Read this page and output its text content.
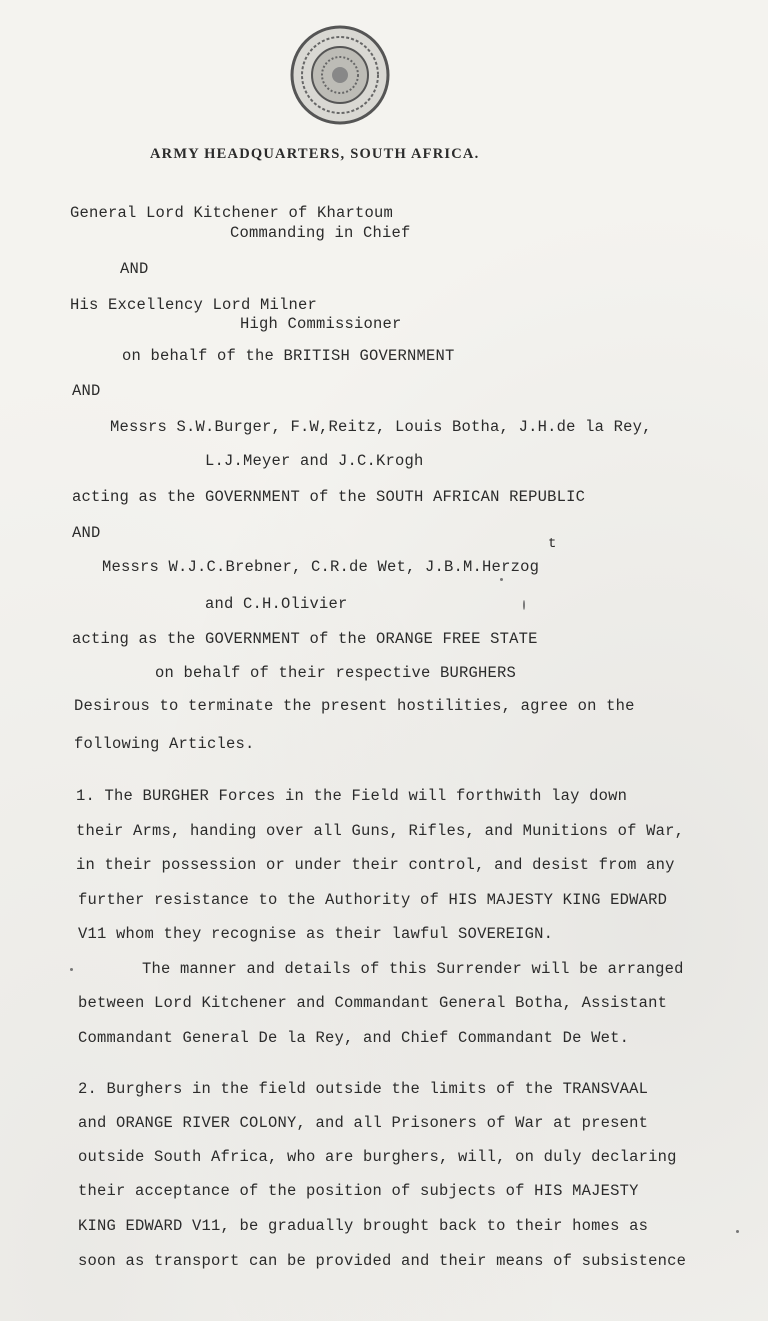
ARMY HEADQUARTERS, SOUTH AFRICA.
General Lord Kitchener of Khartoum
Commanding in Chief
AND
His Excellency Lord Milner
High Commissioner
on behalf of the BRITISH GOVERNMENT
AND
Messrs S.W.Burger, F.W,Reitz, Louis Botha, J.H.de la Rey,
L.J.Meyer and J.C.Krogh
acting as the GOVERNMENT of the SOUTH AFRICAN REPUBLIC
AND
t
Messrs W.J.C.Brebner, C.R.de Wet, J.B.M.Herzog
and C.H.Olivier
acting as the GOVERNMENT of the ORANGE FREE STATE
on behalf of their respective BURGHERS
Desirous to terminate the present hostilities, agree on the
following Articles.
1. The BURGHER Forces in the Field will forthwith lay down
their Arms, handing over all Guns, Rifles, and Munitions of War,
in their possession or under their control, and desist from any
further resistance to the Authority of HIS MAJESTY KING EDWARD
V11 whom they recognise as their lawful SOVEREIGN.
The manner and details of this Surrender will be arranged
between Lord Kitchener and Commandant General Botha, Assistant
Commandant General De la Rey, and Chief Commandant De Wet.
2. Burghers in the field outside the limits of the TRANSVAAL
and ORANGE RIVER COLONY, and all Prisoners of War at present
outside South Africa, who are burghers, will, on duly declaring
their acceptance of the position of subjects of HIS MAJESTY
KING EDWARD V11, be gradually brought back to their homes as
soon as transport can be provided and their means of subsistence
